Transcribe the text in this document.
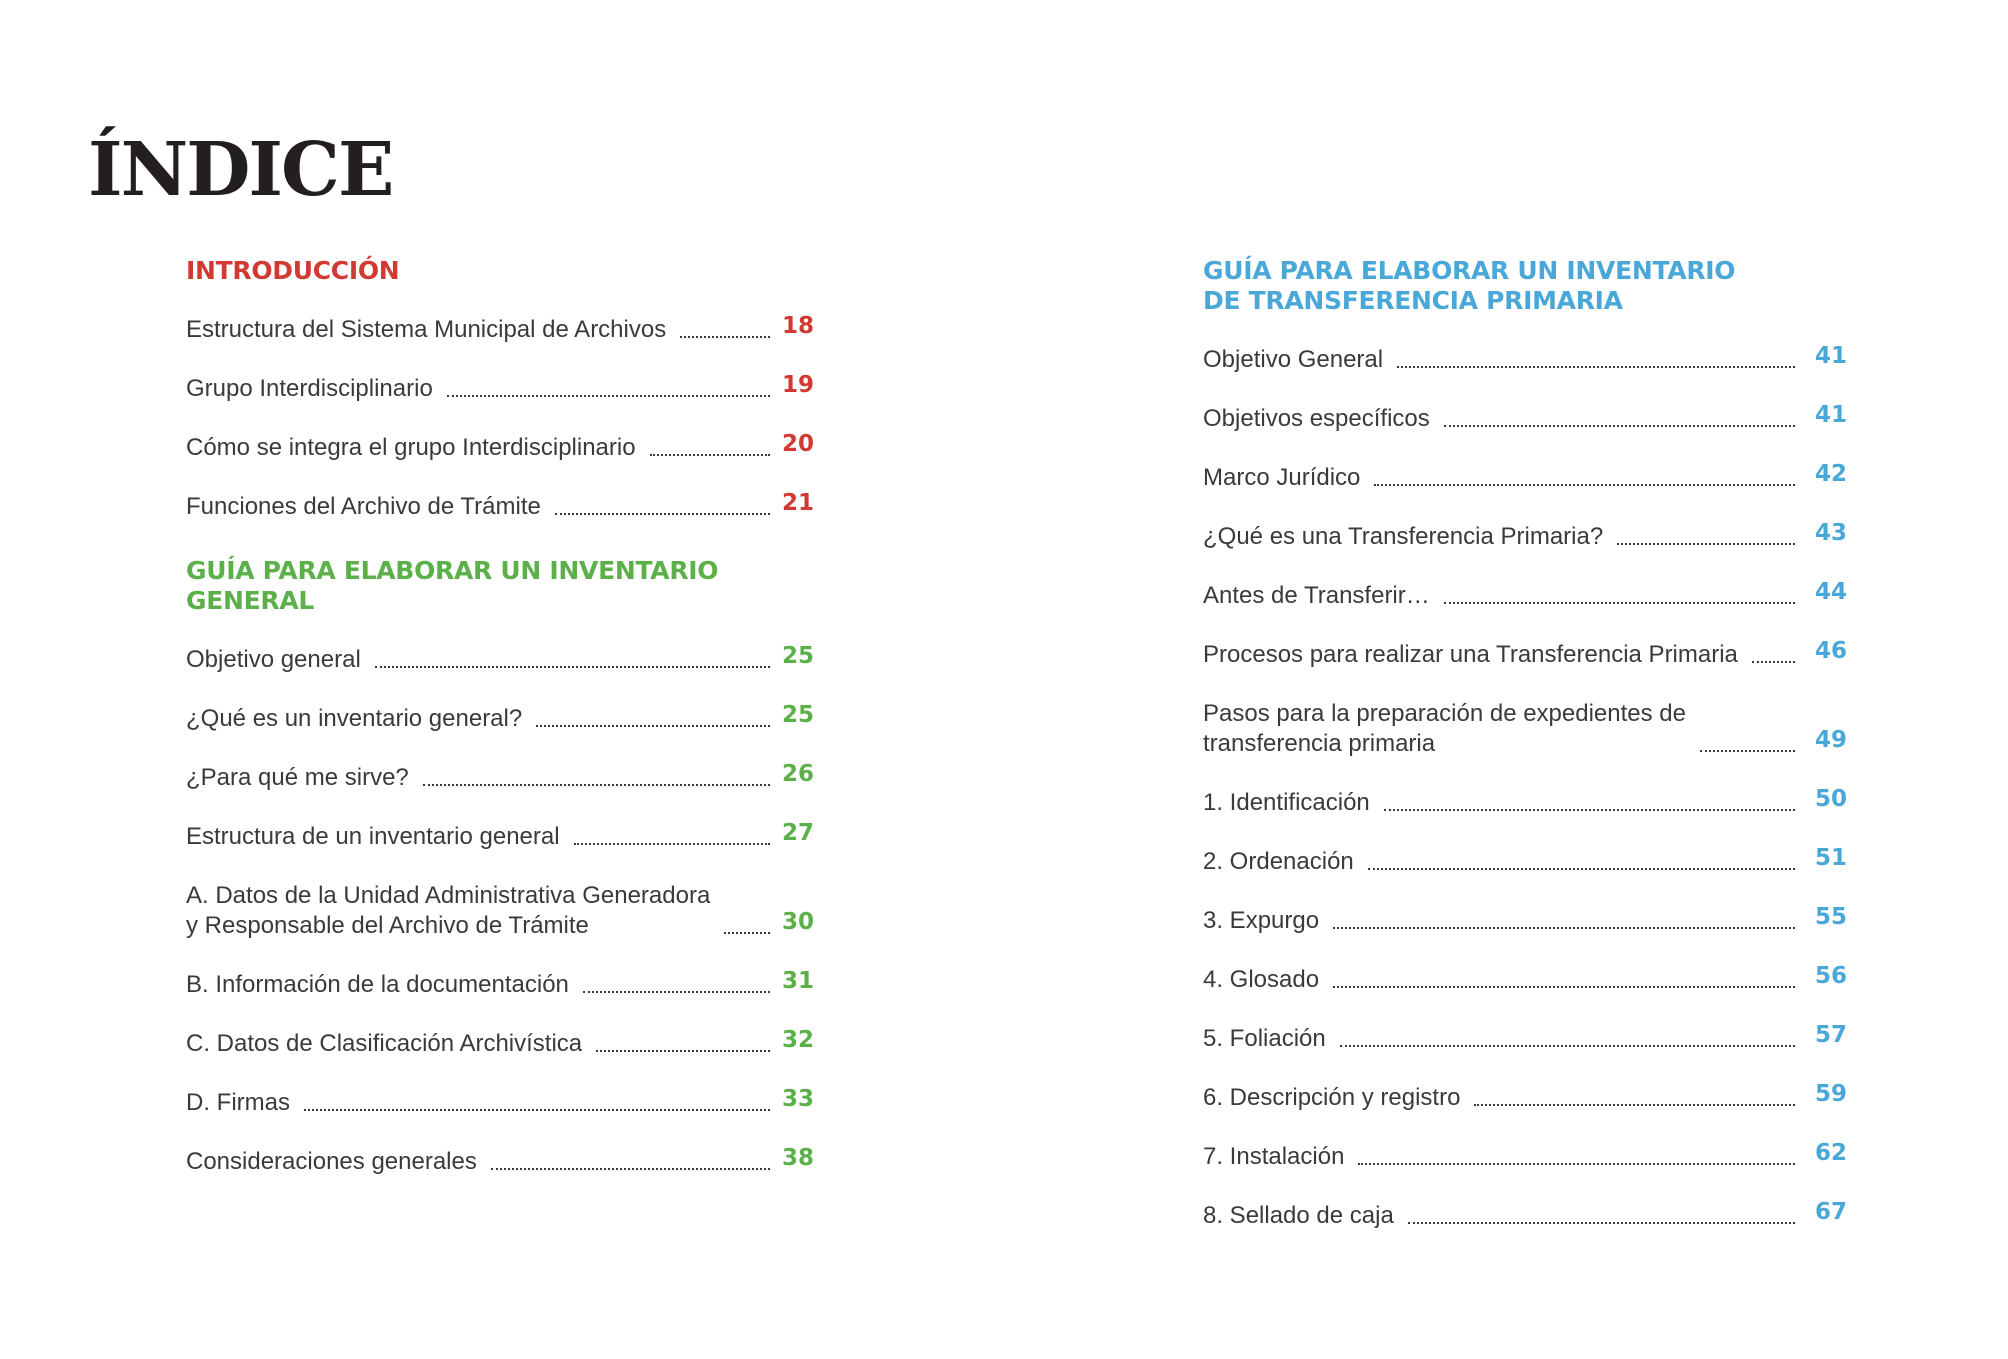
ÍNDICE
INTRODUCCIÓN
Estructura del Sistema Municipal de Archivos	18
Grupo Interdisciplinario	19
Cómo se integra el grupo Interdisciplinario	20
Funciones del Archivo de Trámite	21
GUÍA PARA ELABORAR UN INVENTARIO GENERAL
Objetivo general	25
¿Qué es un inventario general?	25
¿Para qué me sirve?	26
Estructura de un inventario general	27
A. Datos de la Unidad Administrativa Generadora
y Responsable del Archivo de Trámite	30
B. Información de la documentación	31
C. Datos de Clasificación Archivística	32
D. Firmas	33
Consideraciones generales	38
GUÍA PARA ELABORAR UN INVENTARIO
DE TRANSFERENCIA PRIMARIA
Objetivo General	41
Objetivos específicos	41
Marco Jurídico	42
¿Qué es una Transferencia Primaria?	43
Antes de Transferir…	44
Procesos para realizar una Transferencia Primaria	46
Pasos para la preparación de expedientes de
transferencia primaria	49
1. Identificación	50
2. Ordenación	51
3. Expurgo	55
4. Glosado	56
5. Foliación	57
6. Descripción y registro	59
7. Instalación	62
8. Sellado de caja	67
